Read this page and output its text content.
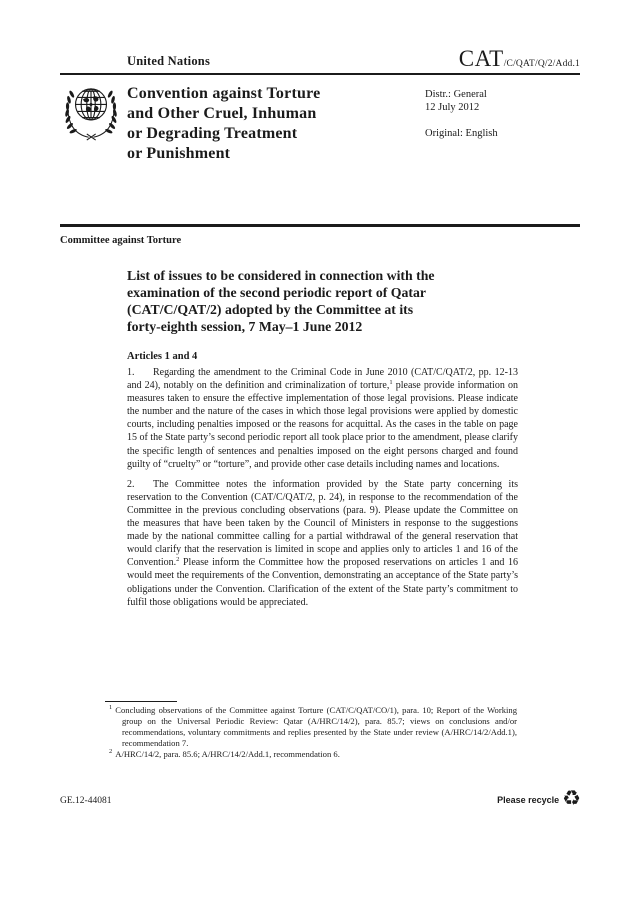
United Nations	CAT /C/QAT/Q/2/Add.1
Convention against Torture
and Other Cruel, Inhuman
or Degrading Treatment
or Punishment
Distr.: General
12 July 2012
Original: English
Committee against Torture
List of issues to be considered in connection with the
examination of the second periodic report of Qatar
(CAT/C/QAT/2) adopted by the Committee at its
forty-eighth session, 7 May–1 June 2012
Articles 1 and 4

1. Regarding the amendment to the Criminal Code in June 2010 (CAT/C/QAT/2, pp. 12-13 and 24), notably on the definition and criminalization of torture,$^1$ please provide information on measures taken to ensure the effective implementation of those legal provisions. Please indicate the number and the nature of the cases in which those legal provisions were applied by domestic courts, including penalties imposed or the reasons for acquittal. As the cases in the table on page 15 of the State party’s second periodic report all took place prior to the amendment, please clarify the specific length of sentences and penalties imposed on the eight persons charged and found guilty of “cruelty” or “torture”, and provide other case details including names and locations.

2. The Committee notes the information provided by the State party concerning its reservation to the Convention (CAT/C/QAT/2, p. 24), in response to the recommendation of the Committee in the previous concluding observations (para. 9). Please update the Committee on the measures that have been taken by the Council of Ministers in response to the suggestions made by the national committee calling for a partial withdrawal of the general reservation that would clarify that the reservation is limited in scope and applies only to articles 1 and 16 of the Convention.$^2$ Please inform the Committee how the proposed reservations on articles 1 and 16 would meet the requirements of the Convention, demonstrating an acceptance of the State party’s obligations under the Convention. Clarification of the extent of the State party’s commitment to fulfil those obligations would be appreciated.

$^1$ Concluding observations of the Committee against Torture (CAT/C/QAT/CO/1), para. 10; Report of the Working group on the Universal Periodic Review: Qatar (A/HRC/14/2), para. 85.7; views on conclusions and/or recommendations, voluntary commitments and replies presented by the State under review (A/HRC/14/2/Add.1), recommendation 7.
$^2$ A/HRC/14/2, para. 85.6; A/HRC/14/2/Add.1, recommendation 6.
GE.12-44081	Please recycle ♻
